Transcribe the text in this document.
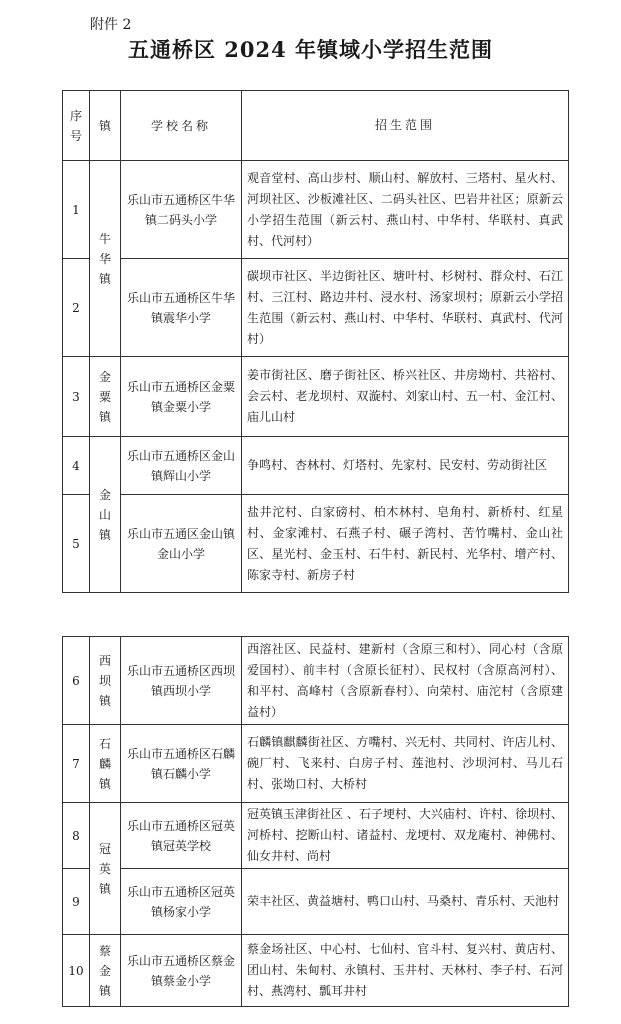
附件 2
五通桥区 2024 年镇域小学招生范围
序号	镇	学校名称	招生范围
1	牛华镇	乐山市五通桥区牛华镇二码头小学	观音堂村、高山步村、顺山村、解放村、三塔村、星火村、河坝社区、沙板滩社区、二码头社区、巴岩井社区；原新云小学招生范围（新云村、燕山村、中华村、华联村、真武村、代河村）
2		乐山市五通桥区牛华镇震华小学	碳坝市社区、半边街社区、塘叶村、杉树村、群众村、石江村、三江村、路边井村、浸水村、汤家坝村；原新云小学招生范围（新云村、燕山村、中华村、华联村、真武村、代河村）
3	金粟镇	乐山市五通桥区金粟镇金粟小学	姜市街社区、磨子街社区、桥兴社区、井房坳村、共裕村、会云村、老龙坝村、双漩村、刘家山村、五一村、金江村、庙儿山村
4	金山镇	乐山市五通桥区金山镇辉山小学	争鸣村、杏林村、灯塔村、先家村、民安村、劳动街社区
5		乐山市五通区金山镇金山小学	盐井沱村、白家磅村、柏木林村、皂角村、新桥村、红星村、金家滩村、石燕子村、碾子湾村、苦竹嘴村、金山社区、星光村、金玉村、石牛村、新民村、光华村、增产村、陈家寺村、新房子村
6	西坝镇	乐山市五通桥区西坝镇西坝小学	西溶社区、民益村、建新村（含原三和村）、同心村（含原爱国村）、前丰村（含原长征村）、民权村（含原高河村）、和平村、高峰村（含原新春村）、向荣村、庙沱村（含原建益村）
7	石麟镇	乐山市五通桥区石麟镇石麟小学	石麟镇麒麟街社区、方嘴村、兴无村、共同村、许店儿村、碗厂村、飞来村、白房子村、莲池村、沙坝河村、马儿石村、张坳口村、大桥村
8	冠英镇	乐山市五通桥区冠英镇冠英学校	冠英镇玉津街社区 、石子埂村、大兴庙村、许村、徐坝村、河桥村、挖断山村、诸益村、龙埂村、双龙庵村、神佛村、仙女井村、尚村
9		乐山市五通桥区冠英镇杨家小学	荣丰社区、黄益塘村、鸭口山村、马桑村、青乐村、天池村
10	蔡金镇	乐山市五通桥区蔡金镇蔡金小学	蔡金场社区、中心村、七仙村、官斗村、复兴村、黄店村、团山村、朱甸村、永镇村、玉井村、天林村、李子村、石河村、燕湾村、瓢耳井村
